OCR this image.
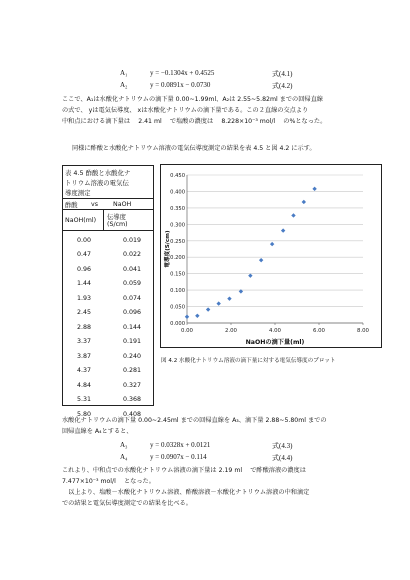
A₁	y = −0.1304x + 0.4525	式(4.1)
A₂	y = 0.0891x − 0.0730	式(4.2)
ここで、A₁は水酸化ナトリウムの滴下量 0.00~1.99ml、A₂は 2.55~5.82ml までの回帰直線
の式で、 yは電気伝導度、 xは水酸化ナトリウムの滴下量である。この２直線の交点より
中和点における滴下量は　 2.41 ml 　で塩酸の濃度は　 8.228×10⁻³ mol/l 　の%となった。
同様に酢酸と水酸化ナトリウム溶液の電気伝導度測定の結果を表 4.5 と図 4.2 に示す。
表 4.5 酢酸と水酸化ナ
トリウム溶液の電気伝
導度測定
酢酸	vs	NaOH
NaOH(ml)	伝導度
(S/cm)
0.00	0.019
0.47	0.022
0.96	0.041
1.44	0.059
1.93	0.074
2.45	0.096
2.88	0.144
3.37	0.191
3.87	0.240
4.37	0.281
4.84	0.327
5.31	0.368
5.80	0.408
0.000
0.050
0.100
0.150
0.200
0.250
0.300
0.350
0.400
0.450
0.00	2.00	4.00	6.00	8.00
NaOHの滴下量(ml)
電導度(S/cm)
図 4.2 水酸化ナトリウム溶液の滴下量に対する電気伝導度のプロット
水酸化ナトリウムの滴下量 0.00~2.45ml までの回帰直線を A₃、滴下量 2.88~5.80ml までの
回帰直線を A₄とすると、
A₃	y = 0.0328x + 0.0121	式(4.3)
A₄	y = 0.0907x − 0.114	式(4.4)
これより、中和点での水酸化ナトリウム溶液の滴下量は 2.19 ml 　で酢酸溶液の濃度は
7.477×10⁻³ mol/l 　となった。
　以上より、塩酸－水酸化ナトリウム溶液、酢酸溶液－水酸化ナトリウム溶液の中和滴定
での結果と電気伝導度測定での結果を比べる。
